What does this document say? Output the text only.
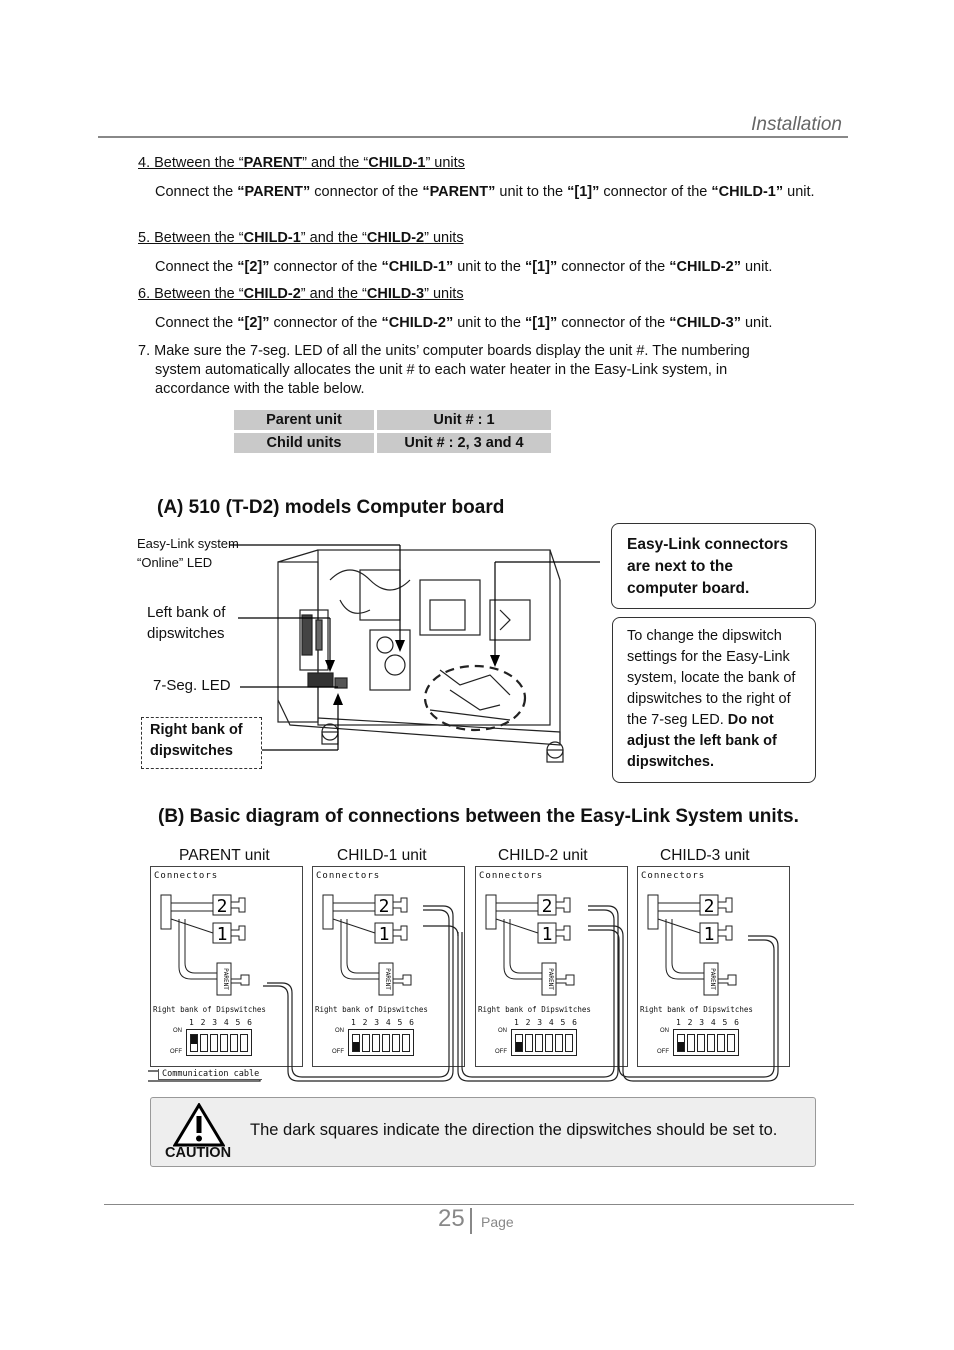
Installation
4. Between the “PARENT” and the “CHILD-1” units
Connect the “PARENT” connector of the “PARENT” unit to the “[1]” connector of the “CHILD-1” unit.
5. Between the “CHILD-1” and the “CHILD-2” units
Connect the “[2]” connector of the “CHILD-1” unit to the “[1]” connector of the “CHILD-2” unit.
6. Between the “CHILD-2” and the “CHILD-3” units
Connect the “[2]” connector of the “CHILD-2” unit to the “[1]” connector of the “CHILD-3” unit.
7. Make sure the 7-seg. LED of all the units’ computer boards display the unit #. The numbering
system automatically allocates the unit # to each water heater in the Easy-Link system, in
accordance with the table below.
Parent unit	Unit # : 1
Child units	Unit # : 2, 3 and 4
(A) 510 (T-D2) models Computer board
Easy-Link system
“Online” LED
Left bank of
dipswitches
7-Seg. LED
Right bank of
dipswitches
Easy-Link connectors are next to the computer board.
To change the dipswitch settings for the Easy-Link system, locate the bank of dipswitches to the right of the 7-seg LED. Do not adjust the left bank of dipswitches.
(B) Basic diagram of connections between the Easy-Link System units.
PARENT unit	CHILD-1 unit	CHILD-2 unit	CHILD-3 unit
Connectors
2
1
PARENT
Right bank of Dipswitches
1 2 3 4 5 6
ON
OFF
Connectors
2
1
PARENT
Right bank of Dipswitches
1 2 3 4 5 6
ON
OFF
Connectors
2
1
PARENT
Right bank of Dipswitches
1 2 3 4 5 6
ON
OFF
Connectors
2
1
PARENT
Right bank of Dipswitches
1 2 3 4 5 6
ON
OFF
Communication cable
CAUTION
The dark squares indicate the direction the dipswitches should be set to.
25 Page
